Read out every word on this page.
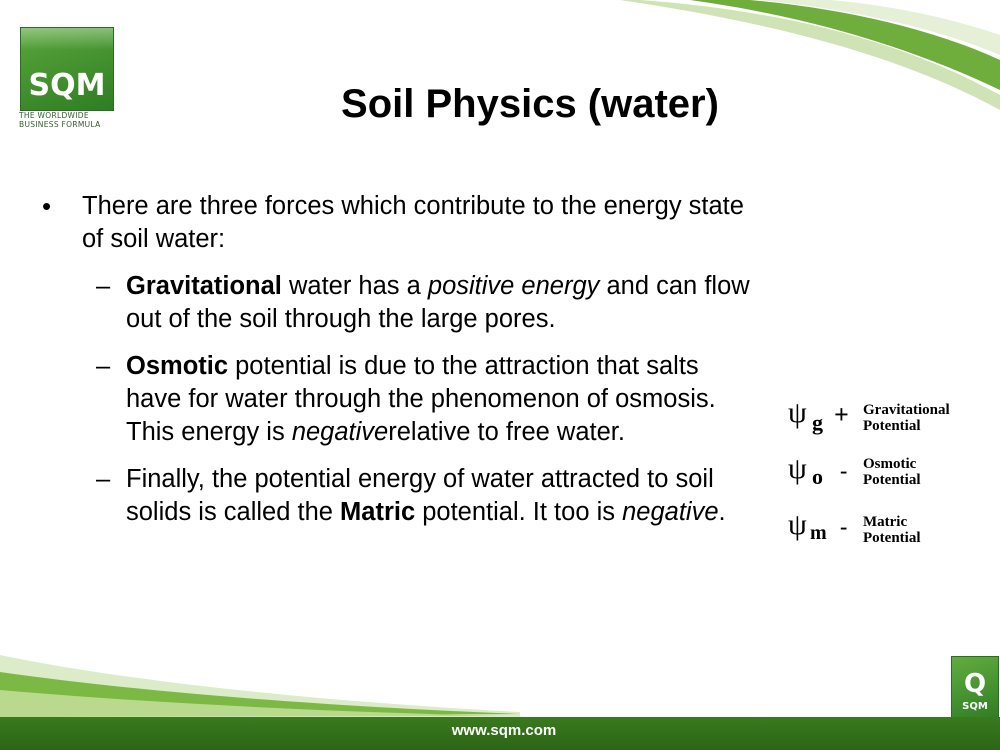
SQM
THE WORLDWIDE
BUSINESS FORMULA	Soil Physics (water)
• There are three forces which contribute to the energy state of soil water:
– Gravitational water has a positive energy and can flow out of the soil through the large pores.
– Osmotic potential is due to the attraction that salts have for water through the phenomenon of osmosis. This energy is negativerelative to free water.
– Finally, the potential energy of water attracted to soil solids is called the Matric potential. It too is negative.
ψ g + Gravitational
Potential
ψ o - Osmotic
Potential
ψ m - Matric
Potential
Q
SQM
www.sqm.com
